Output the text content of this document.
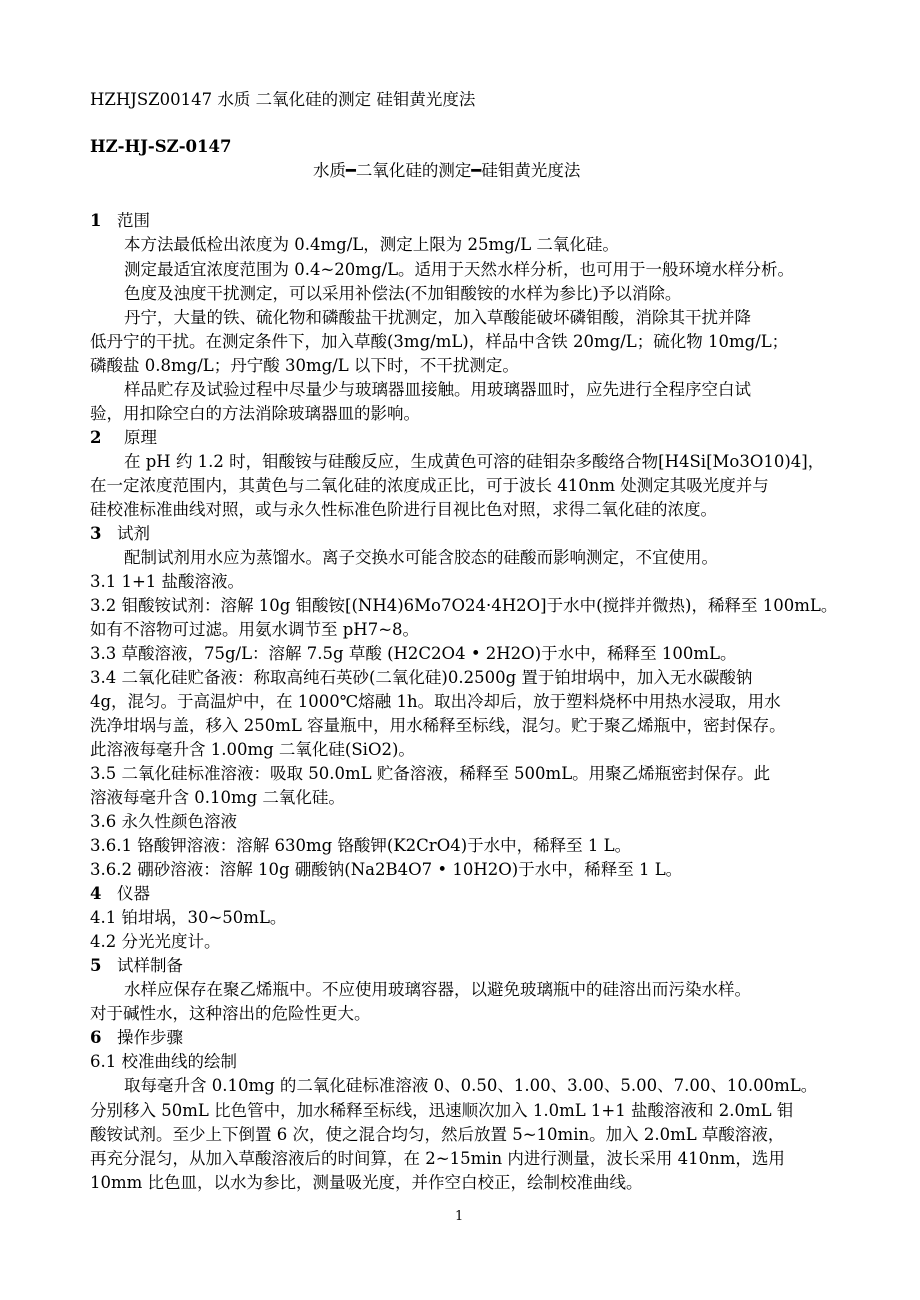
HZHJSZ00147 水质 二氧化硅的测定 硅钼黄光度法
HZ-HJ-SZ-0147
水质━二氧化硅的测定━硅钼黄光度法
1 范围
本方法最低检出浓度为 0.4mg/L，测定上限为 25mg/L 二氧化硅。
测定最适宜浓度范围为 0.4~20mg/L。适用于天然水样分析，也可用于一般环境水样分析。
色度及浊度干扰测定，可以采用补偿法(不加钼酸铵的水样为参比)予以消除。
丹宁，大量的铁、硫化物和磷酸盐干扰测定，加入草酸能破坏磷钼酸，消除其干扰并降
低丹宁的干扰。在测定条件下，加入草酸(3mg/mL)，样品中含铁 20mg/L；硫化物 10mg/L；
磷酸盐 0.8mg/L；丹宁酸 30mg/L 以下时，不干扰测定。
样品贮存及试验过程中尽量少与玻璃器皿接触。用玻璃器皿时，应先进行全程序空白试
验，用扣除空白的方法消除玻璃器皿的影响。
2 原理
在 pH 约 1.2 时，钼酸铵与硅酸反应，生成黄色可溶的硅钼杂多酸络合物[H4Si[Mo3O10)4]，
在一定浓度范围内，其黄色与二氧化硅的浓度成正比，可于波长 410nm 处测定其吸光度并与
硅校准标准曲线对照，或与永久性标准色阶进行目视比色对照，求得二氧化硅的浓度。
3 试剂
配制试剂用水应为蒸馏水。离子交换水可能含胶态的硅酸而影响测定，不宜使用。
3.1 1+1 盐酸溶液。
3.2 钼酸铵试剂：溶解 10g 钼酸铵[(NH4)6Mo7O24·4H2O]于水中(搅拌并微热)，稀释至 100mL。
如有不溶物可过滤。用氨水调节至 pH7~8。
3.3 草酸溶液，75g/L：溶解 7.5g 草酸 (H2C2O4 • 2H2O)于水中，稀释至 100mL。
3.4 二氧化硅贮备液：称取高纯石英砂(二氧化硅)0.2500g 置于铂坩埚中，加入无水碳酸钠
4g，混匀。于高温炉中，在 1000℃熔融 1h。取出冷却后，放于塑料烧杯中用热水浸取，用水
洗净坩埚与盖，移入 250mL 容量瓶中，用水稀释至标线，混匀。贮于聚乙烯瓶中，密封保存。
此溶液每毫升含 1.00mg 二氧化硅(SiO2)。
3.5 二氧化硅标准溶液：吸取 50.0mL 贮备溶液，稀释至 500mL。用聚乙烯瓶密封保存。此
溶液每毫升含 0.10mg 二氧化硅。
3.6 永久性颜色溶液
3.6.1 铬酸钾溶液：溶解 630mg 铬酸钾(K2CrO4)于水中，稀释至 1 L。
3.6.2 硼砂溶液：溶解 10g 硼酸钠(Na2B4O7 • 10H2O)于水中，稀释至 1 L。
4 仪器
4.1 铂坩埚，30~50mL。
4.2 分光光度计。
5 试样制备
水样应保存在聚乙烯瓶中。不应使用玻璃容器，以避免玻璃瓶中的硅溶出而污染水样。
对于碱性水，这种溶出的危险性更大。
6 操作步骤
6.1 校准曲线的绘制
取每毫升含 0.10mg 的二氧化硅标准溶液 0、0.50、1.00、3.00、5.00、7.00、10.00mL。
分别移入 50mL 比色管中，加水稀释至标线，迅速顺次加入 1.0mL 1+1 盐酸溶液和 2.0mL 钼
酸铵试剂。至少上下倒置 6 次，使之混合均匀，然后放置 5~10min。加入 2.0mL 草酸溶液，
再充分混匀，从加入草酸溶液后的时间算，在 2~15min 内进行测量，波长采用 410nm，选用
10mm 比色皿，以水为参比，测量吸光度，并作空白校正，绘制校准曲线。
1
